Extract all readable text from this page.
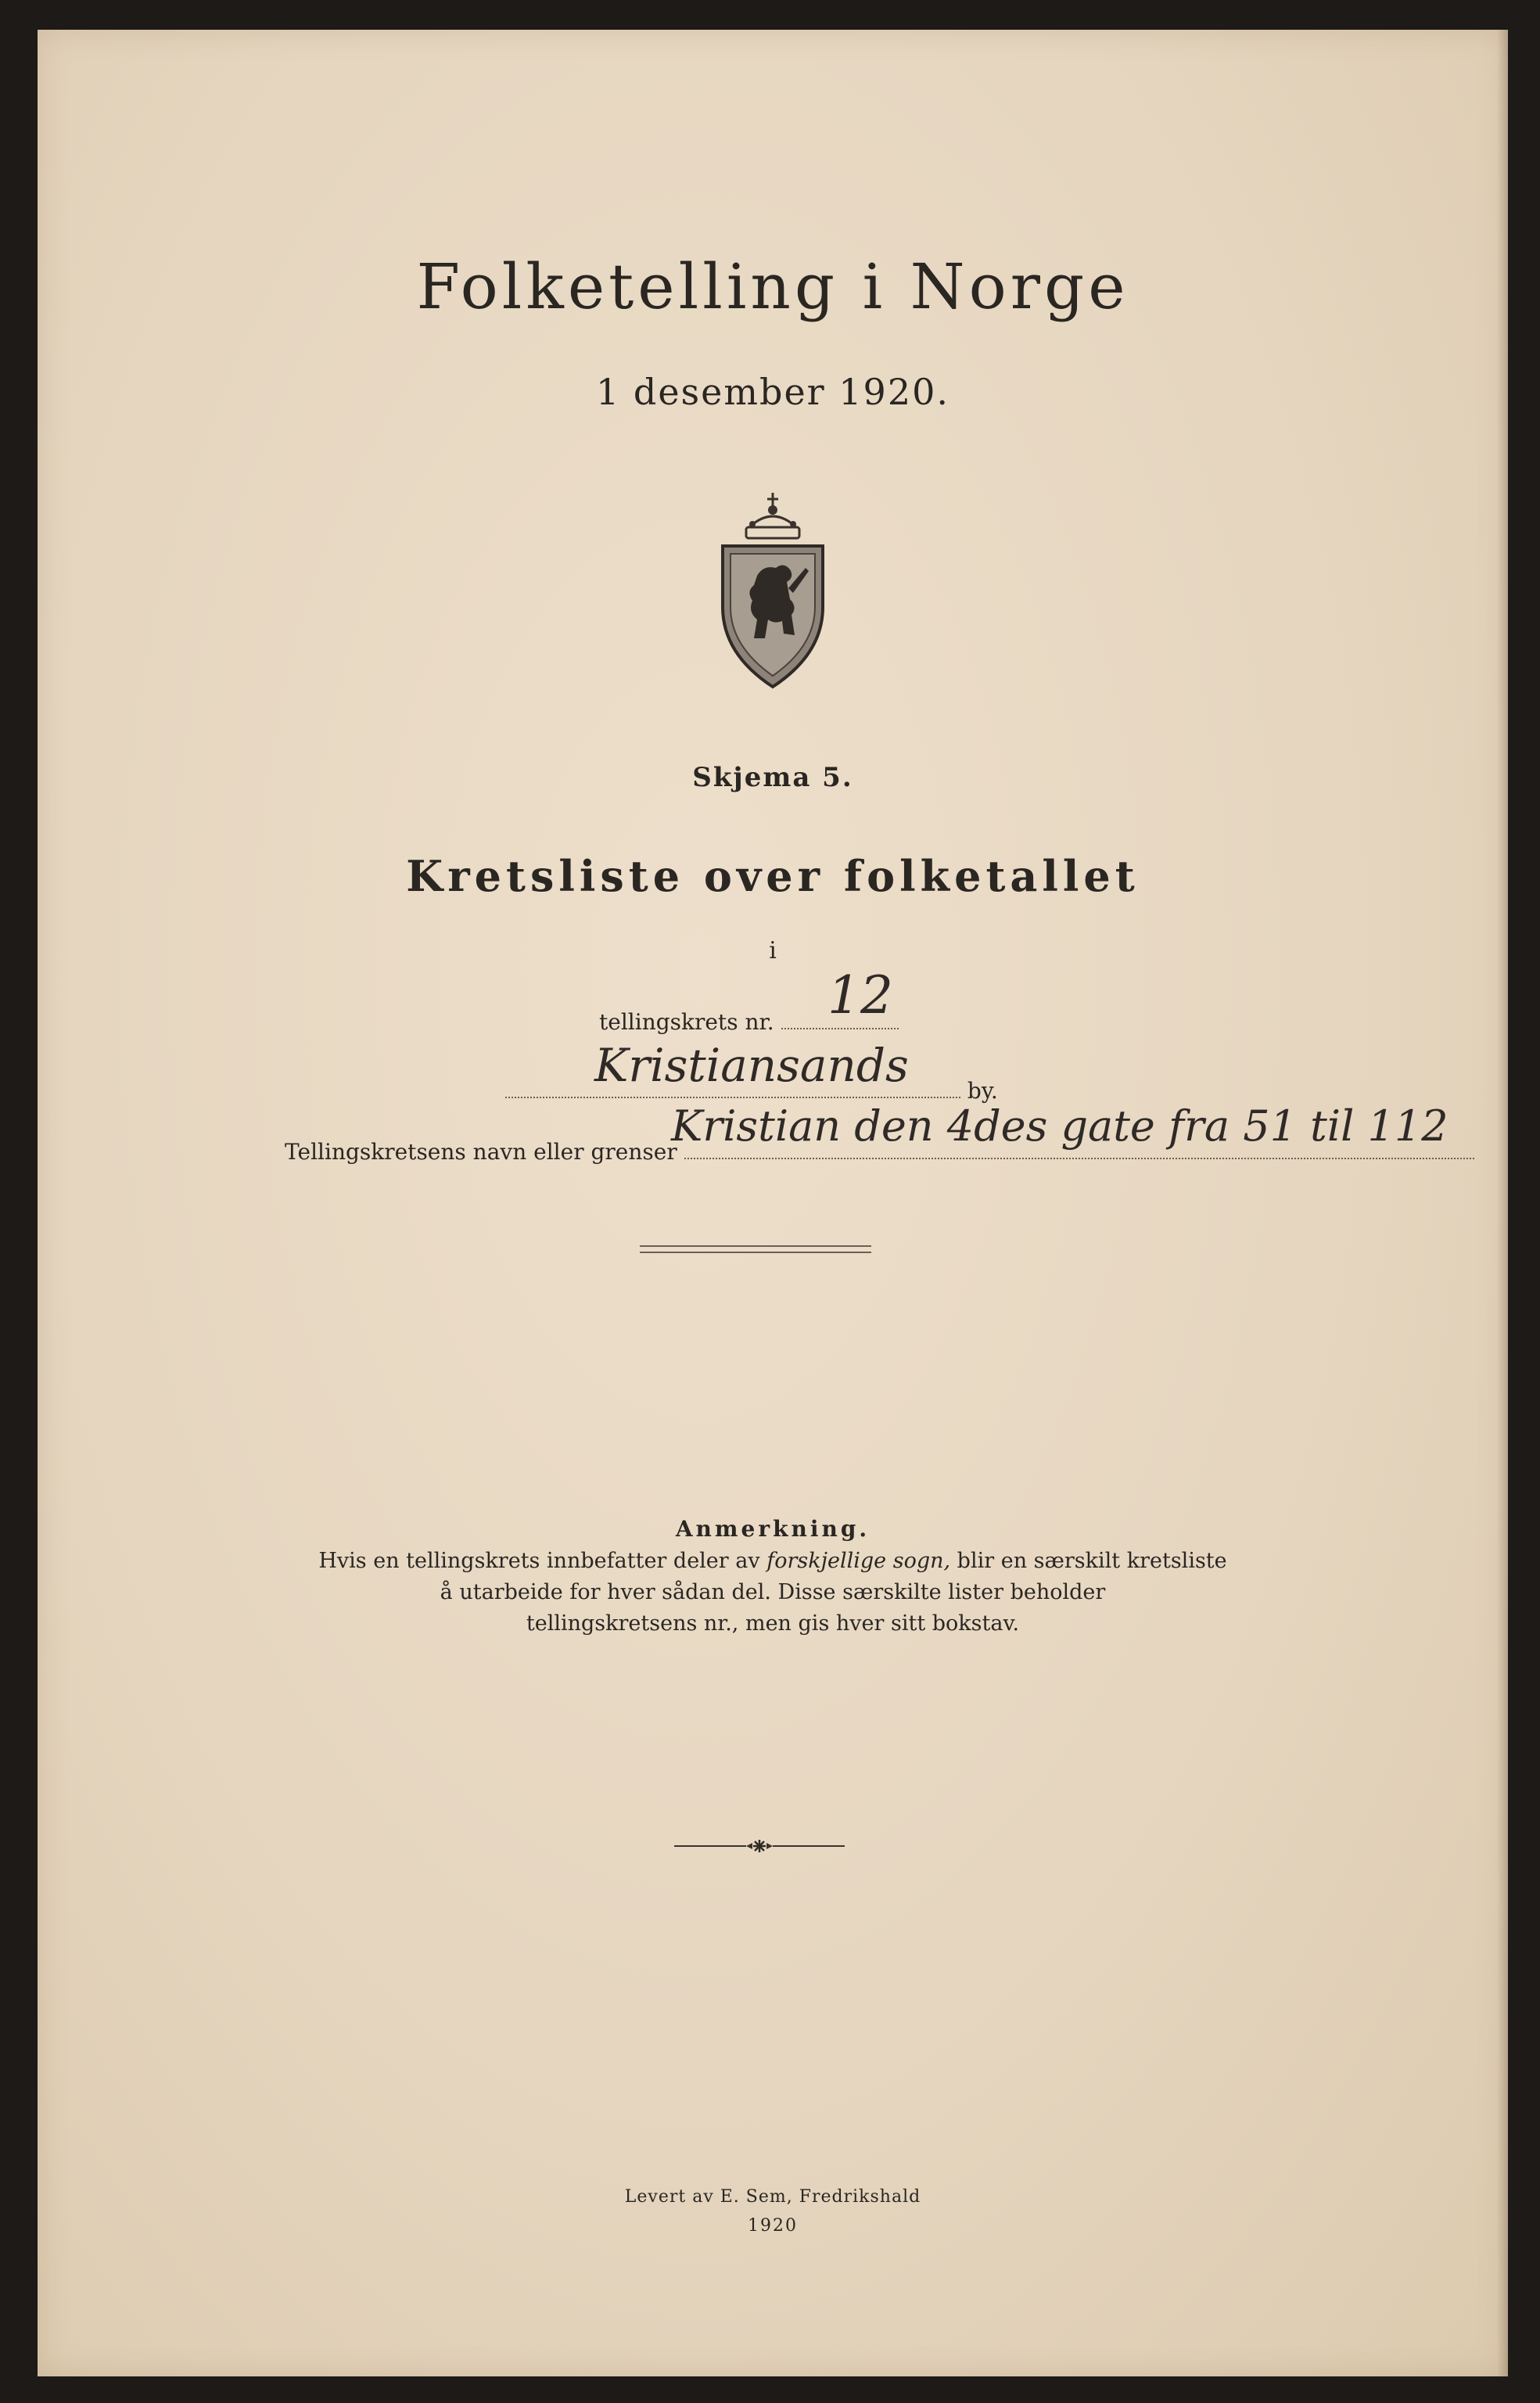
Folketelling i Norge
1 desember 1920.
Skjema 5.
Kretsliste over folketallet
i
tellingskrets nr.	12
by.
Kristiansands
Tellingskretsens navn eller grenser
Kristian den 4des gate fra 51 til 112
Anmerkning.
Hvis en tellingskrets innbefatter deler av forskjellige sogn, blir en særskilt kretsliste
å utarbeide for hver sådan del. Disse særskilte lister beholder
tellingskretsens nr., men gis hver sitt bokstav.
Levert av E. Sem, Fredrikshald
1920
